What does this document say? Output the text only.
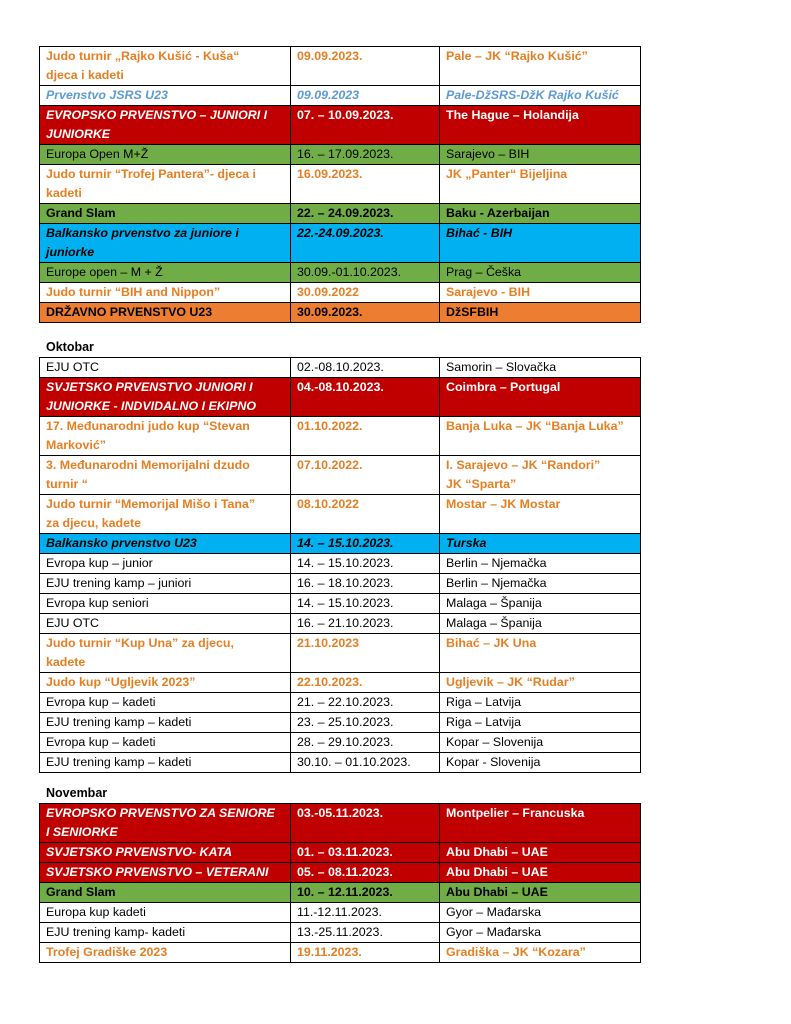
Judo turnir „Rajko Kušić - Kuša“
djeca i kadeti	09.09.2023.	Pale – JK “Rajko Kušić”
Prvenstvo JSRS U23	09.09.2023	Pale-DžSRS-DžK Rajko Kušić
EVROPSKO PRVENSTVO – JUNIORI I
JUNIORKE	07. – 10.09.2023.	The Hague – Holandija
Europa Open M+Ž	16. – 17.09.2023.	Sarajevo – BIH
Judo turnir “Trofej Pantera”- djeca i
kadeti	16.09.2023.	JK „Panter“ Bijeljina
Grand Slam	22. – 24.09.2023.	Baku - Azerbaijan
Balkansko prvenstvo za juniore i
juniorke	22.-24.09.2023.	Bihać - BIH
Europe open – M + Ž	30.09.-01.10.2023.	Prag – Češka
Judo turnir “BIH and Nippon”	30.09.2022	Sarajevo - BIH
DRŽAVNO PRVENSTVO U23	30.09.2023.	DžSFBIH
Oktobar
EJU OTC	02.-08.10.2023.	Samorin – Slovačka
SVJETSKO PRVENSTVO JUNIORI I
JUNIORKE - INDVIDALNO I EKIPNO	04.-08.10.2023.	Coimbra – Portugal
17. Međunarodni judo kup “Stevan
Marković”	01.10.2022.	Banja Luka – JK “Banja Luka”
3. Međunarodni Memorijalni dzudo
turnir “	07.10.2022.	I. Sarajevo – JK “Randori”
JK “Sparta”
Judo turnir “Memorijal Mišo i Tana”
za djecu, kadete	08.10.2022	Mostar – JK Mostar
Balkansko prvenstvo U23	14. – 15.10.2023.	Turska
Evropa kup – junior	14. – 15.10.2023.	Berlin – Njemačka
EJU trening kamp – juniori	16. – 18.10.2023.	Berlin – Njemačka
Evropa kup seniori	14. – 15.10.2023.	Malaga – Španija
EJU OTC	16. – 21.10.2023.	Malaga – Španija
Judo turnir “Kup Una” za djecu,
kadete	21.10.2023	Bihać – JK Una
Judo kup “Ugljevik 2023”	22.10.2023.	Ugljevik – JK “Rudar”
Evropa kup – kadeti	21. – 22.10.2023.	Riga – Latvija
EJU trening kamp – kadeti	23. – 25.10.2023.	Riga – Latvija
Evropa kup – kadeti	28. – 29.10.2023.	Kopar – Slovenija
EJU trening kamp – kadeti	30.10. – 01.10.2023.	Kopar - Slovenija
Novembar
EVROPSKO PRVENSTVO ZA SENIORE
I SENIORKE	03.-05.11.2023.	Montpelier – Francuska
SVJETSKO PRVENSTVO- KATA	01. – 03.11.2023.	Abu Dhabi – UAE
SVJETSKO PRVENSTVO – VETERANI	05. – 08.11.2023.	Abu Dhabi – UAE
Grand Slam	10. – 12.11.2023.	Abu Dhabi – UAE
Europa kup kadeti	11.-12.11.2023.	Gyor – Mađarska
EJU trening kamp- kadeti	13.-25.11.2023.	Gyor – Mađarska
Trofej Gradiške 2023	19.11.2023.	Gradiška – JK “Kozara”
